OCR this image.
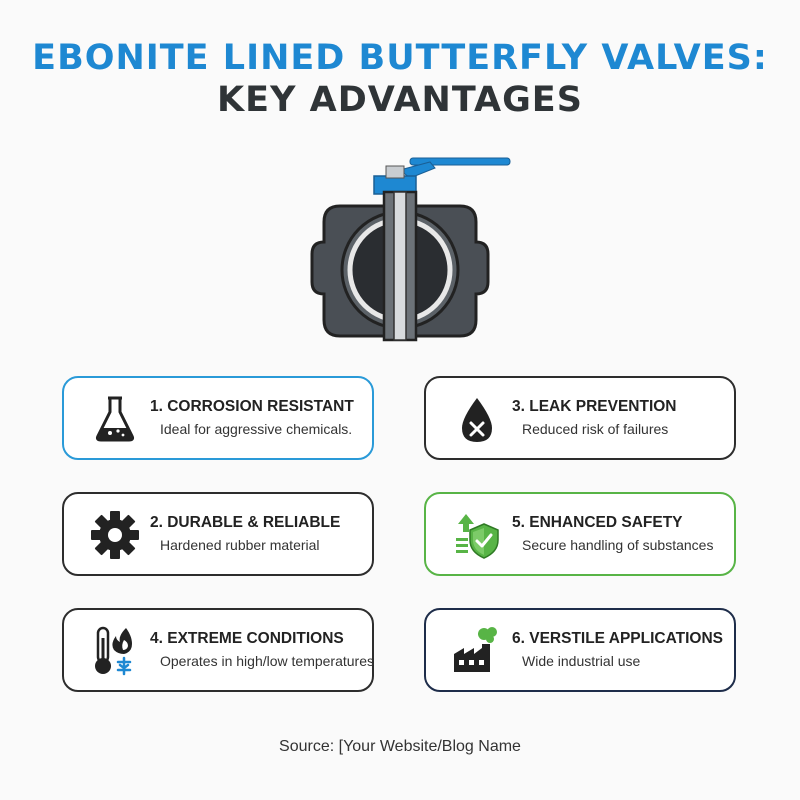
EBONITE LINED BUTTERFLY VALVES:
KEY ADVANTAGES
1. CORROSION RESISTANT
Ideal for aggressive chemicals.
3. LEAK PREVENTION
Reduced risk of failures
2. DURABLE & RELIABLE
Hardened rubber material
5. ENHANCED SAFETY
Secure handling of substances
4. EXTREME CONDITIONS
Operates in high/low temperatures
6. VERSTILE APPLICATIONS
Wide industrial use
Source: [Your Website/Blog Name
